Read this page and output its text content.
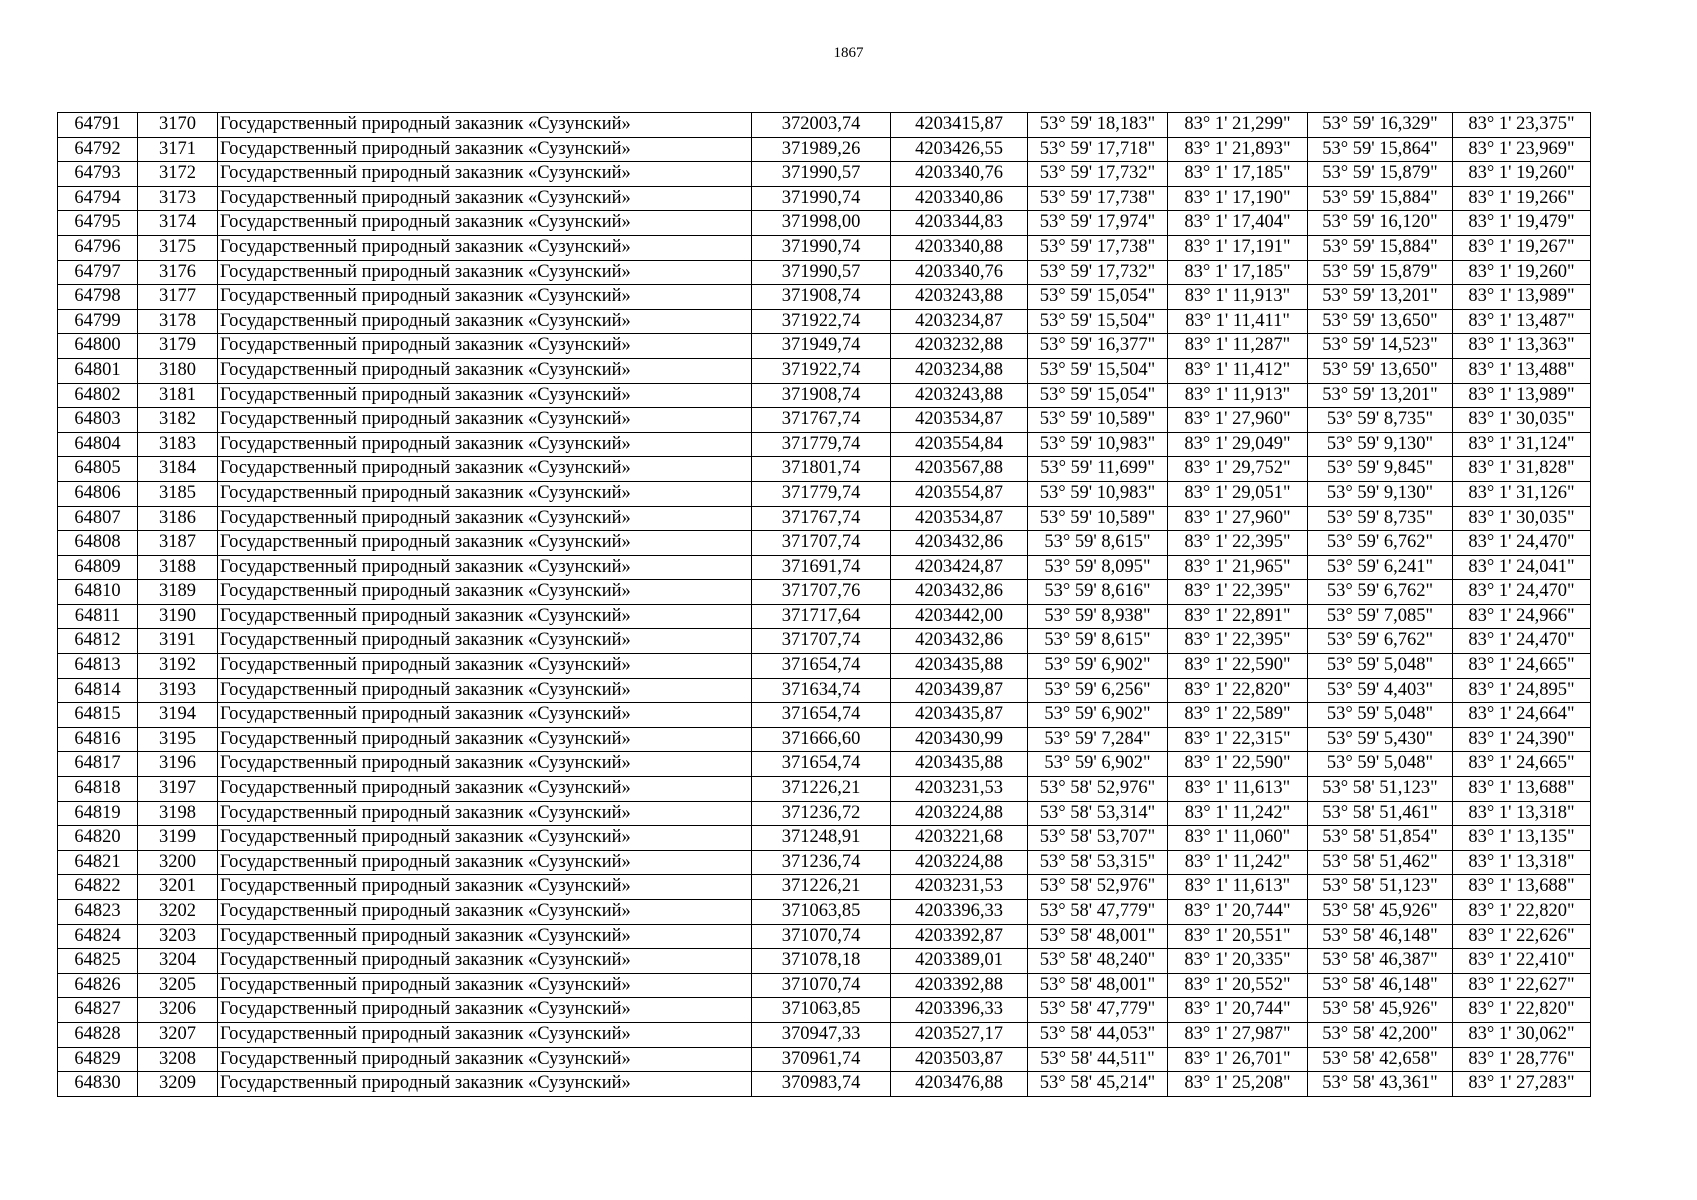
1867
64791	3170	Государственный природный заказник «Сузунский»	372003,74	4203415,87	53° 59' 18,183"	83° 1' 21,299"	53° 59' 16,329"	83° 1' 23,375"
64792	3171	Государственный природный заказник «Сузунский»	371989,26	4203426,55	53° 59' 17,718"	83° 1' 21,893"	53° 59' 15,864"	83° 1' 23,969"
64793	3172	Государственный природный заказник «Сузунский»	371990,57	4203340,76	53° 59' 17,732"	83° 1' 17,185"	53° 59' 15,879"	83° 1' 19,260"
64794	3173	Государственный природный заказник «Сузунский»	371990,74	4203340,86	53° 59' 17,738"	83° 1' 17,190"	53° 59' 15,884"	83° 1' 19,266"
64795	3174	Государственный природный заказник «Сузунский»	371998,00	4203344,83	53° 59' 17,974"	83° 1' 17,404"	53° 59' 16,120"	83° 1' 19,479"
64796	3175	Государственный природный заказник «Сузунский»	371990,74	4203340,88	53° 59' 17,738"	83° 1' 17,191"	53° 59' 15,884"	83° 1' 19,267"
64797	3176	Государственный природный заказник «Сузунский»	371990,57	4203340,76	53° 59' 17,732"	83° 1' 17,185"	53° 59' 15,879"	83° 1' 19,260"
64798	3177	Государственный природный заказник «Сузунский»	371908,74	4203243,88	53° 59' 15,054"	83° 1' 11,913"	53° 59' 13,201"	83° 1' 13,989"
64799	3178	Государственный природный заказник «Сузунский»	371922,74	4203234,87	53° 59' 15,504"	83° 1' 11,411"	53° 59' 13,650"	83° 1' 13,487"
64800	3179	Государственный природный заказник «Сузунский»	371949,74	4203232,88	53° 59' 16,377"	83° 1' 11,287"	53° 59' 14,523"	83° 1' 13,363"
64801	3180	Государственный природный заказник «Сузунский»	371922,74	4203234,88	53° 59' 15,504"	83° 1' 11,412"	53° 59' 13,650"	83° 1' 13,488"
64802	3181	Государственный природный заказник «Сузунский»	371908,74	4203243,88	53° 59' 15,054"	83° 1' 11,913"	53° 59' 13,201"	83° 1' 13,989"
64803	3182	Государственный природный заказник «Сузунский»	371767,74	4203534,87	53° 59' 10,589"	83° 1' 27,960"	53° 59' 8,735"	83° 1' 30,035"
64804	3183	Государственный природный заказник «Сузунский»	371779,74	4203554,84	53° 59' 10,983"	83° 1' 29,049"	53° 59' 9,130"	83° 1' 31,124"
64805	3184	Государственный природный заказник «Сузунский»	371801,74	4203567,88	53° 59' 11,699"	83° 1' 29,752"	53° 59' 9,845"	83° 1' 31,828"
64806	3185	Государственный природный заказник «Сузунский»	371779,74	4203554,87	53° 59' 10,983"	83° 1' 29,051"	53° 59' 9,130"	83° 1' 31,126"
64807	3186	Государственный природный заказник «Сузунский»	371767,74	4203534,87	53° 59' 10,589"	83° 1' 27,960"	53° 59' 8,735"	83° 1' 30,035"
64808	3187	Государственный природный заказник «Сузунский»	371707,74	4203432,86	53° 59' 8,615"	83° 1' 22,395"	53° 59' 6,762"	83° 1' 24,470"
64809	3188	Государственный природный заказник «Сузунский»	371691,74	4203424,87	53° 59' 8,095"	83° 1' 21,965"	53° 59' 6,241"	83° 1' 24,041"
64810	3189	Государственный природный заказник «Сузунский»	371707,76	4203432,86	53° 59' 8,616"	83° 1' 22,395"	53° 59' 6,762"	83° 1' 24,470"
64811	3190	Государственный природный заказник «Сузунский»	371717,64	4203442,00	53° 59' 8,938"	83° 1' 22,891"	53° 59' 7,085"	83° 1' 24,966"
64812	3191	Государственный природный заказник «Сузунский»	371707,74	4203432,86	53° 59' 8,615"	83° 1' 22,395"	53° 59' 6,762"	83° 1' 24,470"
64813	3192	Государственный природный заказник «Сузунский»	371654,74	4203435,88	53° 59' 6,902"	83° 1' 22,590"	53° 59' 5,048"	83° 1' 24,665"
64814	3193	Государственный природный заказник «Сузунский»	371634,74	4203439,87	53° 59' 6,256"	83° 1' 22,820"	53° 59' 4,403"	83° 1' 24,895"
64815	3194	Государственный природный заказник «Сузунский»	371654,74	4203435,87	53° 59' 6,902"	83° 1' 22,589"	53° 59' 5,048"	83° 1' 24,664"
64816	3195	Государственный природный заказник «Сузунский»	371666,60	4203430,99	53° 59' 7,284"	83° 1' 22,315"	53° 59' 5,430"	83° 1' 24,390"
64817	3196	Государственный природный заказник «Сузунский»	371654,74	4203435,88	53° 59' 6,902"	83° 1' 22,590"	53° 59' 5,048"	83° 1' 24,665"
64818	3197	Государственный природный заказник «Сузунский»	371226,21	4203231,53	53° 58' 52,976"	83° 1' 11,613"	53° 58' 51,123"	83° 1' 13,688"
64819	3198	Государственный природный заказник «Сузунский»	371236,72	4203224,88	53° 58' 53,314"	83° 1' 11,242"	53° 58' 51,461"	83° 1' 13,318"
64820	3199	Государственный природный заказник «Сузунский»	371248,91	4203221,68	53° 58' 53,707"	83° 1' 11,060"	53° 58' 51,854"	83° 1' 13,135"
64821	3200	Государственный природный заказник «Сузунский»	371236,74	4203224,88	53° 58' 53,315"	83° 1' 11,242"	53° 58' 51,462"	83° 1' 13,318"
64822	3201	Государственный природный заказник «Сузунский»	371226,21	4203231,53	53° 58' 52,976"	83° 1' 11,613"	53° 58' 51,123"	83° 1' 13,688"
64823	3202	Государственный природный заказник «Сузунский»	371063,85	4203396,33	53° 58' 47,779"	83° 1' 20,744"	53° 58' 45,926"	83° 1' 22,820"
64824	3203	Государственный природный заказник «Сузунский»	371070,74	4203392,87	53° 58' 48,001"	83° 1' 20,551"	53° 58' 46,148"	83° 1' 22,626"
64825	3204	Государственный природный заказник «Сузунский»	371078,18	4203389,01	53° 58' 48,240"	83° 1' 20,335"	53° 58' 46,387"	83° 1' 22,410"
64826	3205	Государственный природный заказник «Сузунский»	371070,74	4203392,88	53° 58' 48,001"	83° 1' 20,552"	53° 58' 46,148"	83° 1' 22,627"
64827	3206	Государственный природный заказник «Сузунский»	371063,85	4203396,33	53° 58' 47,779"	83° 1' 20,744"	53° 58' 45,926"	83° 1' 22,820"
64828	3207	Государственный природный заказник «Сузунский»	370947,33	4203527,17	53° 58' 44,053"	83° 1' 27,987"	53° 58' 42,200"	83° 1' 30,062"
64829	3208	Государственный природный заказник «Сузунский»	370961,74	4203503,87	53° 58' 44,511"	83° 1' 26,701"	53° 58' 42,658"	83° 1' 28,776"
64830	3209	Государственный природный заказник «Сузунский»	370983,74	4203476,88	53° 58' 45,214"	83° 1' 25,208"	53° 58' 43,361"	83° 1' 27,283"
